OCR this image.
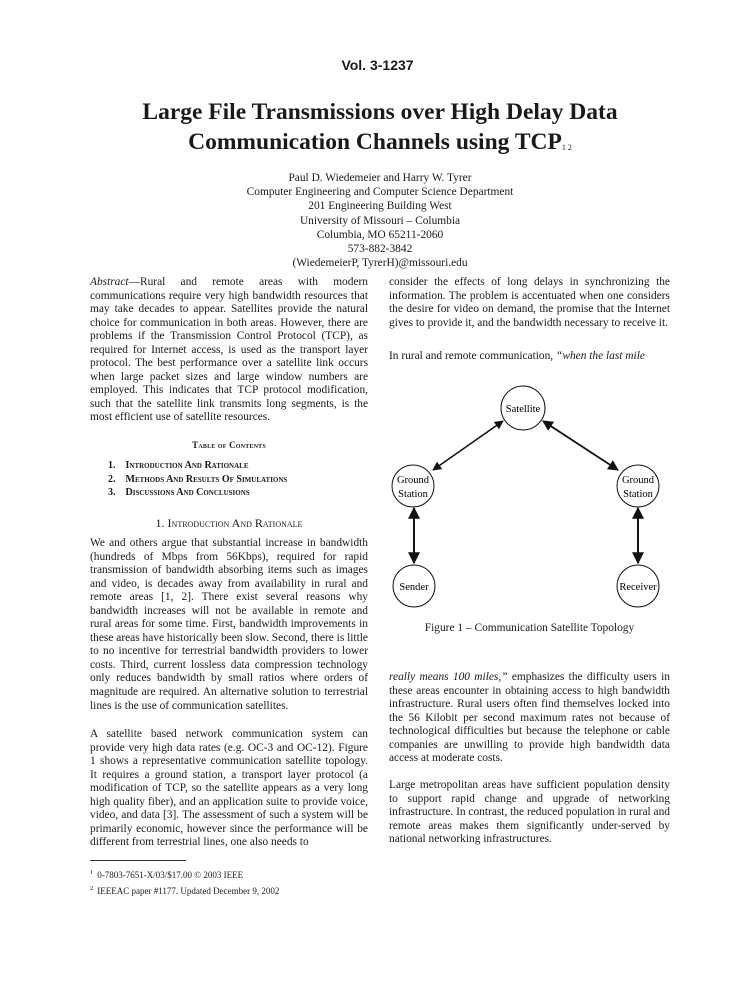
Vol. 3-1237
Large File Transmissions over High Delay Data
Communication Channels using $TCP^{1 2}$
Paul D. Wiedemeier and Harry W. Tyrer
Computer Engineering and Computer Science Department
201 Engineering Building West
University of Missouri – Columbia
Columbia, MO 65211-2060
573-882-3842
(WiedemeierP, TyrerH)@missouri.edu

Abstract—Rural and remote areas with modern communications require very high bandwidth resources that may take decades to appear. Satellites provide the natural choice for communication in both areas. However, there are problems if the Transmission Control Protocol (TCP), as required for Internet access, is used as the transport layer protocol. The best performance over a satellite link occurs when large packet sizes and large window numbers are employed. This indicates that TCP protocol modification, such that the satellite link transmits long segments, is the most efficient use of satellite resources.

Table of Contents
1. Introduction And Rationale
2. Methods And Results Of Simulations
3. Discussions And Conclusions
1. Introduction And Rationale

We and others argue that substantial increase in bandwidth (hundreds of Mbps from 56Kbps), required for rapid transmission of bandwidth absorbing items such as images and video, is decades away from availability in rural and remote areas [1, 2]. There exist several reasons why bandwidth increases will not be available in remote and rural areas for some time. First, bandwidth improvements in these areas have historically been slow. Second, there is little to no incentive for terrestrial bandwidth providers to lower costs. Third, current lossless data compression technology only reduces bandwidth by small ratios where orders of magnitude are required. An alternative solution to terrestrial lines is the use of communication satellites.

A satellite based network communication system can provide very high data rates (e.g. OC-3 and OC-12). Figure 1 shows a representative communication satellite topology. It requires a ground station, a transport layer protocol (a modification of TCP, so the satellite appears as a very long high quality fiber), and an application suite to provide voice, video, and data [3]. The assessment of such a system will be primarily economic, however since the performance will be different from terrestrial lines, one also needs to

$^1$ 0-7803-7651-X/03/$17.00 © 2003 IEEE
$^2$ IEEEAC paper #1177. Updated December 9, 2002

consider the effects of long delays in synchronizing the information. The problem is accentuated when one considers the desire for video on demand, the promise that the Internet gives to provide it, and the bandwidth necessary to receive it.

In rural and remote communication, “when the last mile

Satellite
Ground
Station
Ground
Station
Sender	Receiver
Figure 1 – Communication Satellite Topology

really means 100 miles,” emphasizes the difficulty users in these areas encounter in obtaining access to high bandwidth infrastructure. Rural users often find themselves locked into the 56 Kilobit per second maximum rates not because of technological difficulties but because the telephone or cable companies are unwilling to provide high bandwidth data access at moderate costs.

Large metropolitan areas have sufficient population density to support rapid change and upgrade of networking infrastructure. In contrast, the reduced population in rural and remote areas makes them significantly under-served by national networking infrastructures.
